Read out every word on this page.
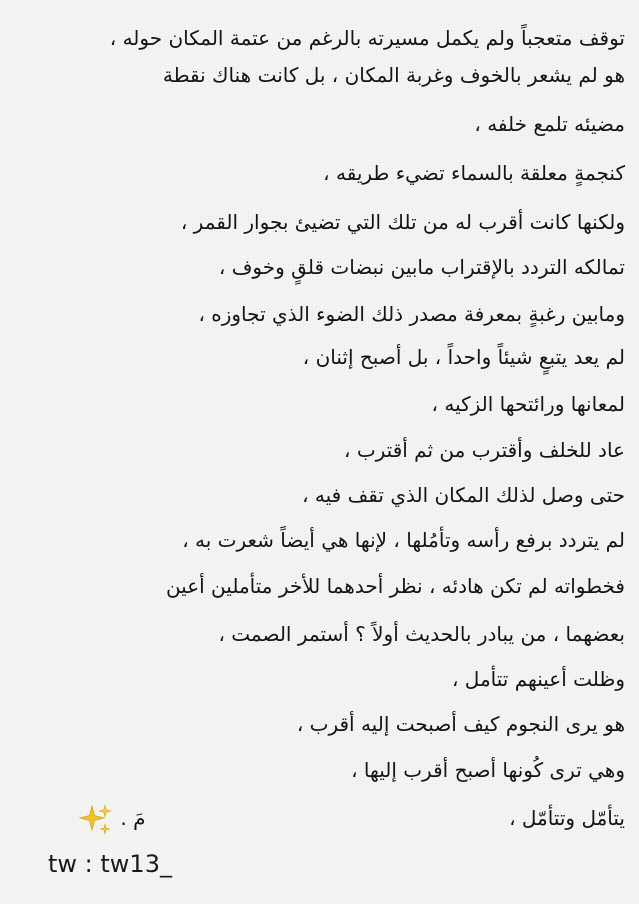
توقف متعجباً ولم يكمل مسيرته بالرغم من عتمة المكان حوله ،
هو لم يشعر بالخوف وغربة المكان ، بل كانت هناك نقطة
مضيئه تلمع خلفه ،
كنجمةٍ معلقة بالسماء تضيء طريقه ،
ولكنها كانت أقرب له من تلك التي تضيئ بجوار القمر ،
تمالكه التردد بالإقتراب مابين نبضات قلقٍ وخوف ،
ومابين رغبةٍ بمعرفة مصدر ذلك الضوء الذي تجاوزه ،
لم يعد يتبعٍ شيئاً واحداً ، بل أصبح إثنان ،
لمعانها ورائتحها الزكيه ،
عاد للخلف وأقترب من ثم أقترب ،
حتى وصل لذلك المكان الذي تقف فيه ،
لم يتردد برفع رأسه وتأمُلها ، لإنها هي أيضاً شعرت به ،
فخطواته لم تكن هادئه ، نظر أحدهما للأخر متأملين أعين
بعضهما ، من يبادر بالحديث أولاً ؟ أستمر الصمت ،
وظلت أعينهم تتأمل ،
هو يرى النجوم كيف أصبحت إليه أقرب ،
وهي ترى كُونها أصبح أقرب إليها ،
يتأمّل وتتأمّل ،
مَ .
tw : tw13_
